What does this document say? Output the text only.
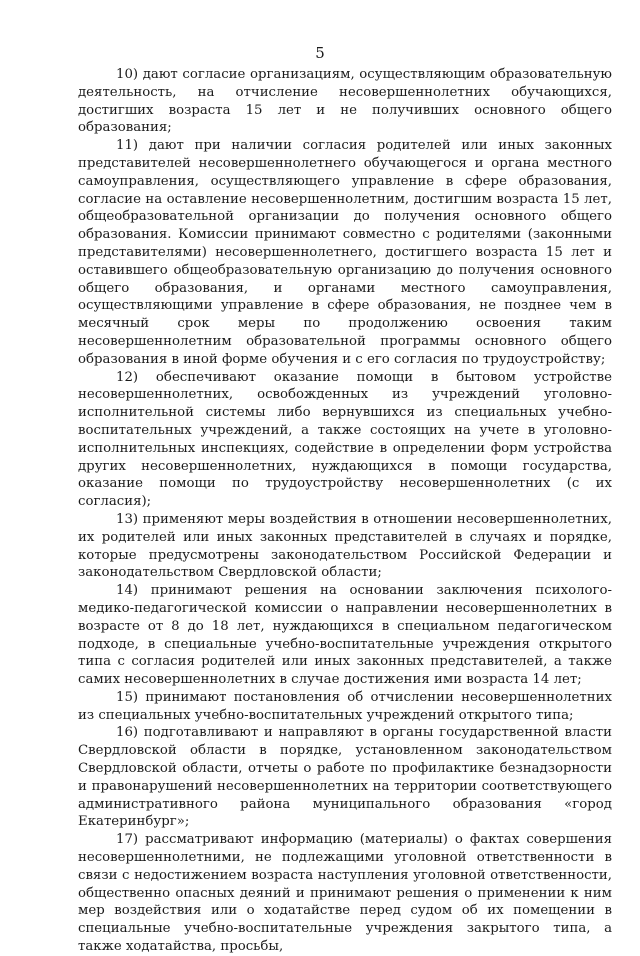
5

10) дают согласие организациям, осуществляющим образовательную деятельность, на отчисление несовершеннолетних обучающихся, достигших возраста 15 лет и не получивших основного общего образования;

11) дают при наличии согласия родителей или иных законных представителей несовершеннолетнего обучающегося и органа местного самоуправления, осуществляющего управление в сфере образования, согласие на оставление несовершеннолетним, достигшим возраста 15 лет, общеобразовательной организации до получения основного общего образования. Комиссии принимают совместно с родителями (законными представителями) несовершеннолетнего, достигшего возраста 15 лет и оставившего общеобразовательную организацию до получения основного общего образования, и органами местного самоуправления, осуществляющими управление в сфере образования, не позднее чем в месячный срок меры по продолжению освоения таким несовершеннолетним образовательной программы основного общего образования в иной форме обучения и с его согласия по трудоустройству;

12) обеспечивают оказание помощи в бытовом устройстве несовершеннолетних, освобожденных из учреждений уголовно-исполнительной системы либо вернувшихся из специальных учебно-воспитательных учреждений, а также состоящих на учете в уголовно-исполнительных инспекциях, содействие в определении форм устройства других несовершеннолетних, нуждающихся в помощи государства, оказание помощи по трудоустройству несовершеннолетних (с их согласия);

13) применяют меры воздействия в отношении несовершеннолетних, их родителей или иных законных представителей в случаях и порядке, которые предусмотрены законодательством Российской Федерации и законодательством Свердловской области;

14) принимают решения на основании заключения психолого-медико-педагогической комиссии о направлении несовершеннолетних в возрасте от 8 до 18 лет, нуждающихся в специальном педагогическом подходе, в специальные учебно-воспитательные учреждения открытого типа с согласия родителей или иных законных представителей, а также самих несовершеннолетних в случае достижения ими возраста 14 лет;

15) принимают постановления об отчислении несовершеннолетних из специальных учебно-воспитательных учреждений открытого типа;

16) подготавливают и направляют в органы государственной власти Свердловской области в порядке, установленном законодательством Свердловской области, отчеты о работе по профилактике безнадзорности и правонарушений несовершеннолетних на территории соответствующего административного района муниципального образования «город Екатеринбург»;

17) рассматривают информацию (материалы) о фактах совершения несовершеннолетними, не подлежащими уголовной ответственности в связи с недостижением возраста наступления уголовной ответственности, общественно опасных деяний и принимают решения о применении к ним мер воздействия или о ходатайстве перед судом об их помещении в специальные учебно-воспитательные учреждения закрытого типа, а также ходатайства, просьбы,
